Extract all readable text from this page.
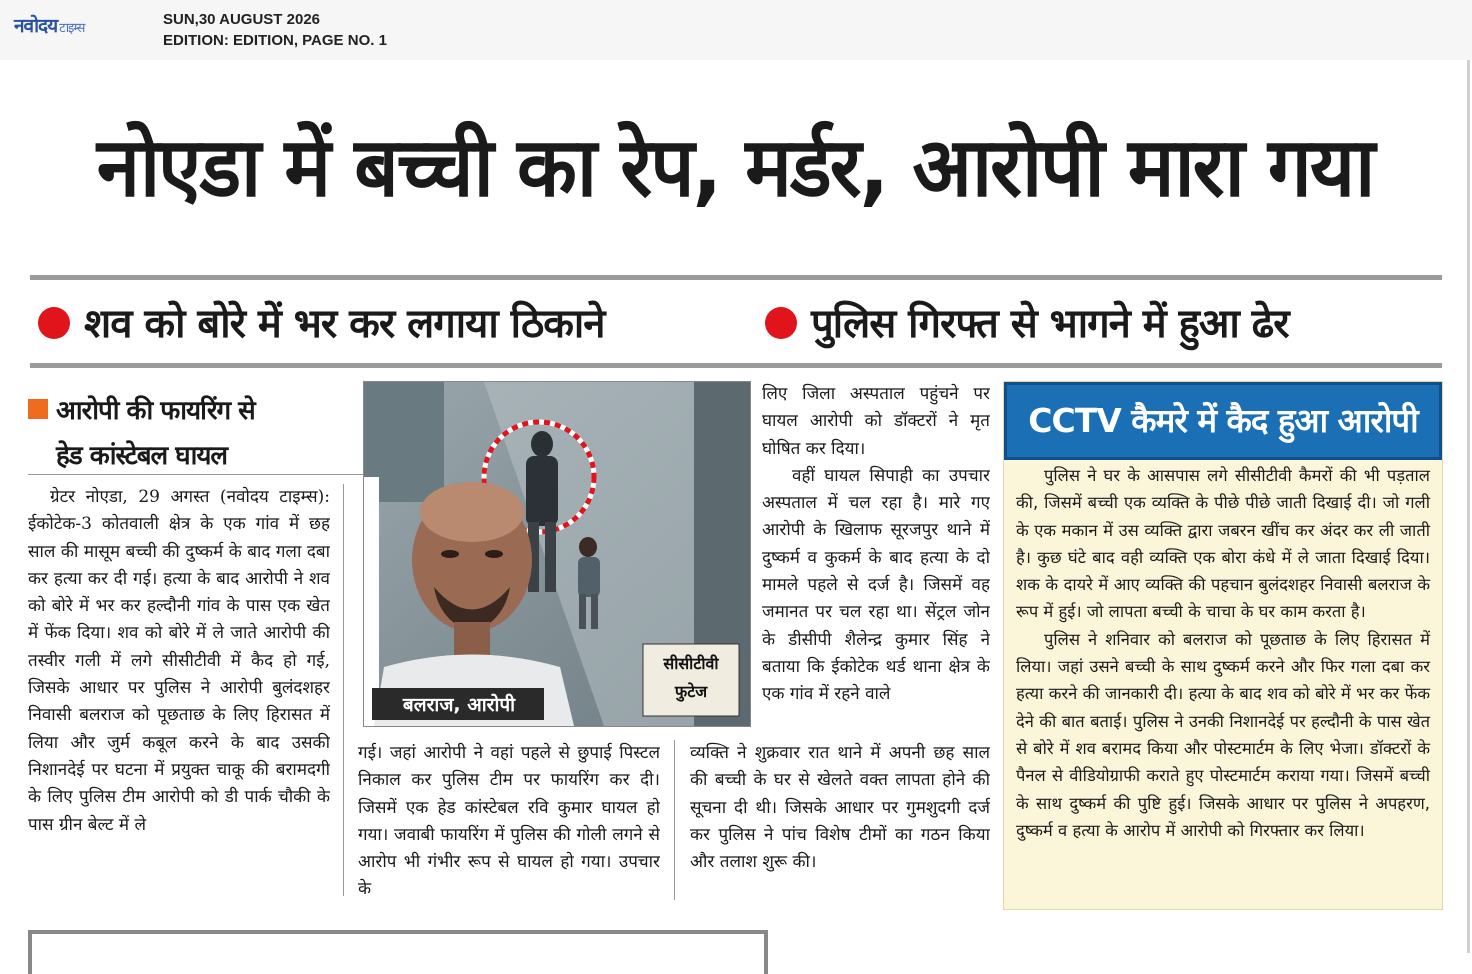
नवोदय टाइम्स
SUN,30 AUGUST 2026
EDITION: EDITION, PAGE NO. 1
नोएडा में बच्ची का रेप, मर्डर, आरोपी मारा गया
शव को बोरे में भर कर लगाया ठिकाने	पुलिस गिरफ्त से भागने में हुआ ढेर
आरोपी की फायरिंग से
हेड कांस्टेबल घायल

ग्रेटर नोएडा, 29 अगस्त (नवोदय टाइम्स): ईकोटेक-3 कोतवाली क्षेत्र के एक गांव में छह साल की मासूम बच्ची की दुष्कर्म के बाद गला दबा कर हत्या कर दी गई। हत्या के बाद आरोपी ने शव को बोरे में भर कर हल्दौनी गांव के पास एक खेत में फेंक दिया। शव को बोरे में ले जाते आरोपी की तस्वीर गली में लगे सीसीटीवी में कैद हो गई, जिसके आधार पर पुलिस ने आरोपी बुलंदशहर निवासी बलराज को पूछताछ के लिए हिरासत में लिया और जुर्म कबूल करने के बाद उसकी निशानदेई पर घटना में प्रयुक्त चाकू की बरामदगी के लिए पुलिस टीम आरोपी को डी पार्क चौकी के पास ग्रीन बेल्ट में ले

बलराज, आरोपी
सीसीटीवी
फुटेज

गई। जहां आरोपी ने वहां पहले से छुपाई पिस्टल निकाल कर पुलिस टीम पर फायरिंग कर दी। जिसमें एक हेड कांस्टेबल रवि कुमार घायल हो गया। जवाबी फायरिंग में पुलिस की गोली लगने से आरोप भी गंभीर रूप से घायल हो गया। उपचार के

लिए जिला अस्पताल पहुंचने पर घायल आरोपी को डॉक्टरों ने मृत घोषित कर दिया।

वहीं घायल सिपाही का उपचार अस्पताल में चल रहा है। मारे गए आरोपी के खिलाफ सूरजपुर थाने में दुष्कर्म व कुकर्म के बाद हत्या के दो मामले पहले से दर्ज है। जिसमें वह जमानत पर चल रहा था। सेंट्रल जोन के डीसीपी शैलेन्द्र कुमार सिंह ने बताया कि ईकोटेक थर्ड थाना क्षेत्र के एक गांव में रहने वाले

व्यक्ति ने शुक्रवार रात थाने में अपनी छह साल की बच्ची के घर से खेलते वक्त लापता होने की सूचना दी थी। जिसके आधार पर गुमशुदगी दर्ज कर पुलिस ने पांच विशेष टीमों का गठन किया और तलाश शुरू की।

CCTV कैमरे में कैद हुआ आरोपी

पुलिस ने घर के आसपास लगे सीसीटीवी कैमरों की भी पड़ताल की, जिसमें बच्ची एक व्यक्ति के पीछे पीछे जाती दिखाई दी। जो गली के एक मकान में उस व्यक्ति द्वारा जबरन खींच कर अंदर कर ली जाती है। कुछ घंटे बाद वही व्यक्ति एक बोरा कंधे में ले जाता दिखाई दिया। शक के दायरे में आए व्यक्ति की पहचान बुलंदशहर निवासी बलराज के रूप में हुई। जो लापता बच्ची के चाचा के घर काम करता है।

पुलिस ने शनिवार को बलराज को पूछताछ के लिए हिरासत में लिया। जहां उसने बच्ची के साथ दुष्कर्म करने और फिर गला दबा कर हत्या करने की जानकारी दी। हत्या के बाद शव को बोरे में भर कर फेंक देने की बात बताई। पुलिस ने उनकी निशानदेई पर हल्दौनी के पास खेत से बोरे में शव बरामद किया और पोस्टमार्टम के लिए भेजा। डॉक्टरों के पैनल से वीडियोग्राफी कराते हुए पोस्टमार्टम कराया गया। जिसमें बच्ची के साथ दुष्कर्म की पुष्टि हुई। जिसके आधार पर पुलिस ने अपहरण, दुष्कर्म व हत्या के आरोप में आरोपी को गिरफ्तार कर लिया।
